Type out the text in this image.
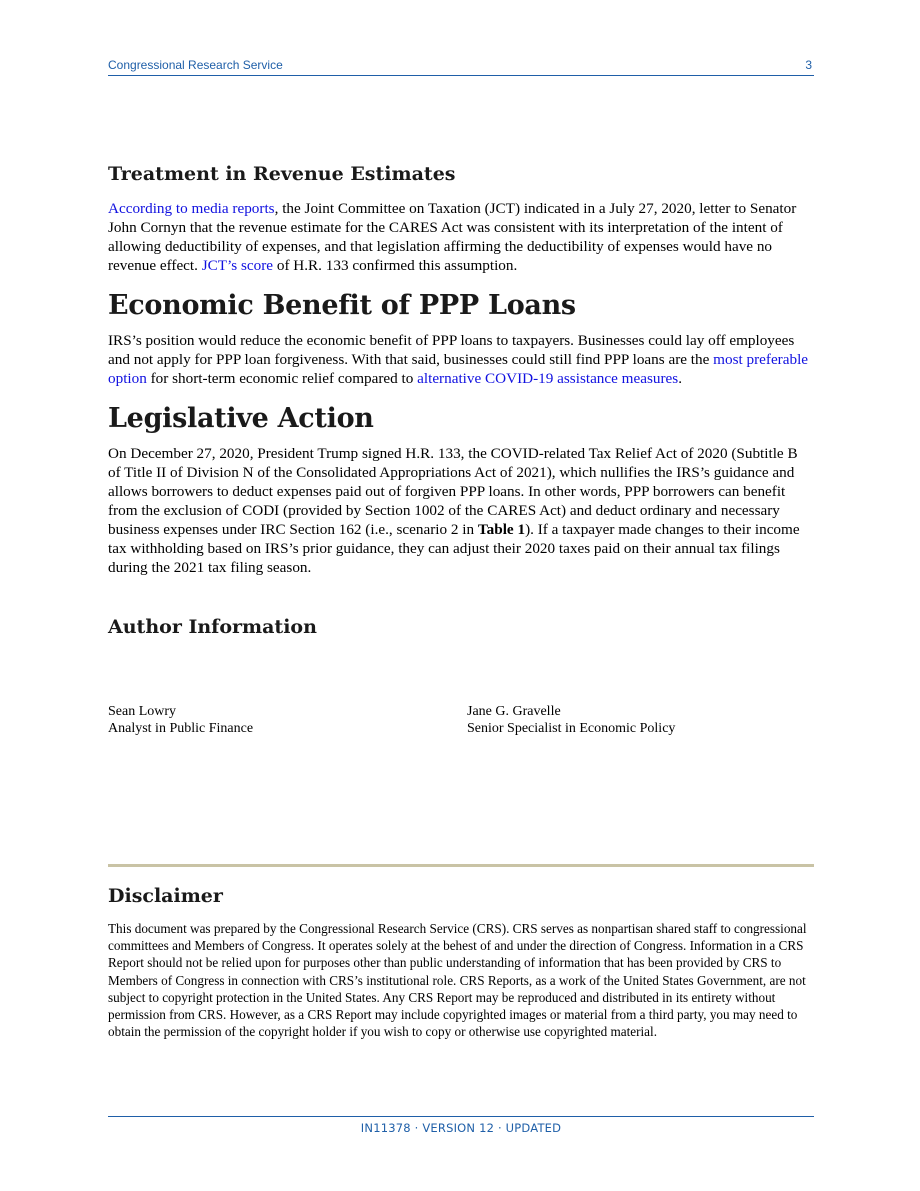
Congressional Research Service	3
Treatment in Revenue Estimates

According to media reports, the Joint Committee on Taxation (JCT) indicated in a July 27, 2020, letter to Senator John Cornyn that the revenue estimate for the CARES Act was consistent with its interpretation of the intent of allowing deductibility of expenses, and that legislation affirming the deductibility of expenses would have no revenue effect. JCT’s score of H.R. 133 confirmed this assumption.

Economic Benefit of PPP Loans

IRS’s position would reduce the economic benefit of PPP loans to taxpayers. Businesses could lay off employees and not apply for PPP loan forgiveness. With that said, businesses could still find PPP loans are the most preferable option for short-term economic relief compared to alternative COVID-19 assistance measures.

Legislative Action

On December 27, 2020, President Trump signed H.R. 133, the COVID-related Tax Relief Act of 2020 (Subtitle B of Title II of Division N of the Consolidated Appropriations Act of 2021), which nullifies the IRS’s guidance and allows borrowers to deduct expenses paid out of forgiven PPP loans. In other words, PPP borrowers can benefit from the exclusion of CODI (provided by Section 1002 of the CARES Act) and deduct ordinary and necessary business expenses under IRC Section 162 (i.e., scenario 2 in Table 1). If a taxpayer made changes to their income tax withholding based on IRS’s prior guidance, they can adjust their 2020 taxes paid on their annual tax filings during the 2021 tax filing season.

Author Information
Sean Lowry
Analyst in Public Finance
Jane G. Gravelle
Senior Specialist in Economic Policy
Disclaimer

This document was prepared by the Congressional Research Service (CRS). CRS serves as nonpartisan shared staff to congressional committees and Members of Congress. It operates solely at the behest of and under the direction of Congress. Information in a CRS Report should not be relied upon for purposes other than public understanding of information that has been provided by CRS to Members of Congress in connection with CRS’s institutional role. CRS Reports, as a work of the United States Government, are not subject to copyright protection in the United States. Any CRS Report may be reproduced and distributed in its entirety without permission from CRS. However, as a CRS Report may include copyrighted images or material from a third party, you may need to obtain the permission of the copyright holder if you wish to copy or otherwise use copyrighted material.

IN11378 · VERSION 12 · UPDATED
